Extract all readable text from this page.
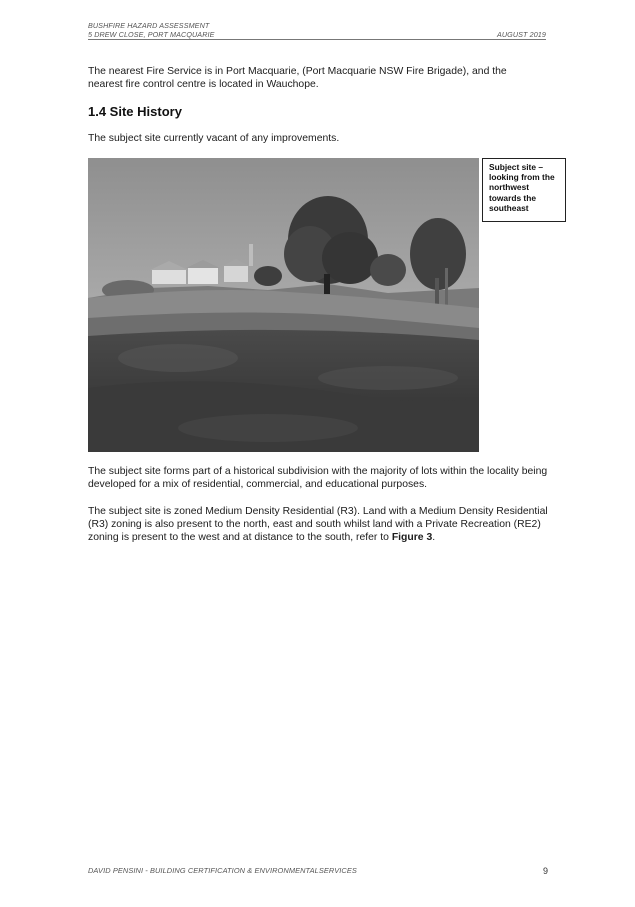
BUSHFIRE HAZARD ASSESSMENT
5 DREW CLOSE, PORT MACQUARIE	AUGUST 2019
The nearest Fire Service is in Port Macquarie, (Port Macquarie NSW Fire Brigade), and the nearest fire control centre is located in Wauchope.
1.4 Site History
The subject site currently vacant of any improvements.
Subject site – looking from the northwest towards the southeast
The subject site forms part of a historical subdivision with the majority of lots within the locality being developed for a mix of residential, commercial, and educational purposes.
The subject site is zoned Medium Density Residential (R3). Land with a Medium Density Residential (R3) zoning is also present to the north, east and south whilst land with a Private Recreation (RE2) zoning is present to the west and at distance to the south, refer to Figure 3.
DAVID PENSINI - BUILDING CERTIFICATION & ENVIRONMENTALSERVICES	9
